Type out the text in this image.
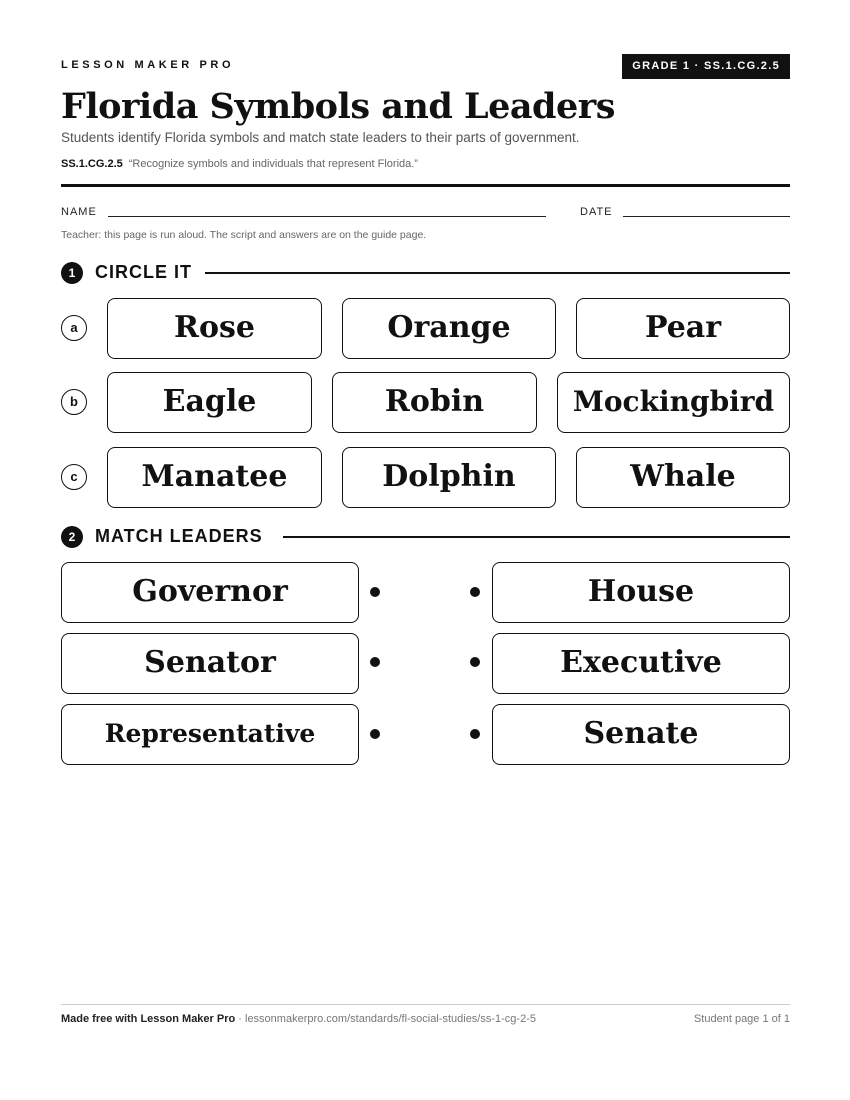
LESSON MAKER PRO	GRADE 1 · SS.1.CG.2.5
Florida Symbols and Leaders
Students identify Florida symbols and match state leaders to their parts of government.
SS.1.CG.2.5 “Recognize symbols and individuals that represent Florida.”
NAME	DATE
Teacher: this page is run aloud. The script and answers are on the guide page.
1	CIRCLE IT
a	Rose	Orange	Pear
b	Eagle	Robin	Mockingbird
c	Manatee	Dolphin	Whale
2	MATCH LEADERS
Governor	House
Senator	Executive
Representative	Senate
Made free with Lesson Maker Pro · lessonmakerpro.com/standards/fl-social-studies/ss-1-cg-2-5	Student page 1 of 1
